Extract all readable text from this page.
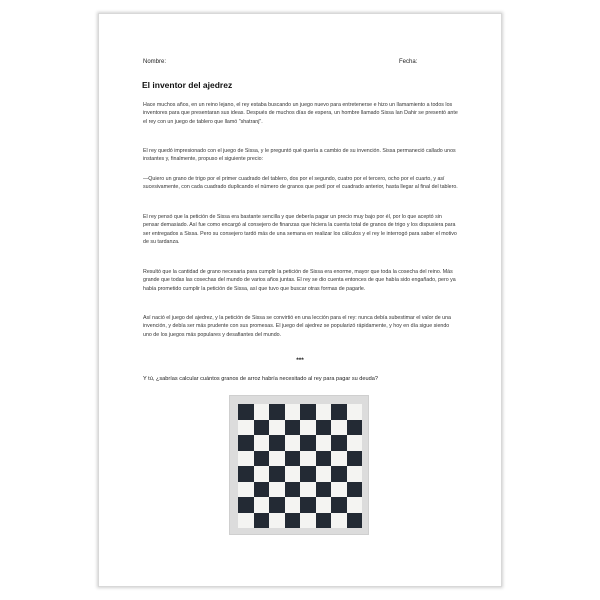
Nombre:	Fecha:
El inventor del ajedrez

Hace muchos años, en un reino lejano, el rey estaba buscando un juego nuevo para entretenerse e hizo un llamamiento a todos los inventores para que presentaran sus ideas. Después de muchos días de espera, un hombre llamado Sissa Ian Dahir se presentó ante el rey con un juego de tablero que llamó "shatranj".

El rey quedó impresionado con el juego de Sissa, y le preguntó qué quería a cambio de su invención. Sissa permaneció callado unos instantes y, finalmente, propuso el siguiente precio:

—Quiero un grano de trigo por el primer cuadrado del tablero, dos por el segundo, cuatro por el tercero, ocho por el cuarto, y así sucesivamente, con cada cuadrado duplicando el número de granos que pedí por el cuadrado anterior, hasta llegar al final del tablero.

El rey pensó que la petición de Sissa era bastante sencilla y que debería pagar un precio muy bajo por él, por lo que aceptó sin pensar demasiado. Así fue como encargó al consejero de finanzas que hiciera la cuenta total de granos de trigo y los dispusiera para ser entregados a Sissa. Pero su consejero tardó más de una semana en realizar los cálculos y el rey le interrogó para saber el motivo de su tardanza.

Resultó que la cantidad de grano necesaria para cumplir la petición de Sissa era enorme, mayor que toda la cosecha del reino. Más grande que todas las cosechas del mundo de varios años juntas. El rey se dio cuenta entonces de que había sido engañado, pero ya había prometido cumplir la petición de Sissa, así que tuvo que buscar otras formas de pagarle.

Así nació el juego del ajedrez, y la petición de Sissa se convirtió en una lección para el rey: nunca debía subestimar el valor de una invención, y debía ser más prudente con sus promesas. El juego del ajedrez se popularizó rápidamente, y hoy en día sigue siendo uno de los juegos más populares y desafiantes del mundo.

***
Y tú, ¿sabrías calcular cuántos granos de arroz habría necesitado al rey para pagar su deuda?
